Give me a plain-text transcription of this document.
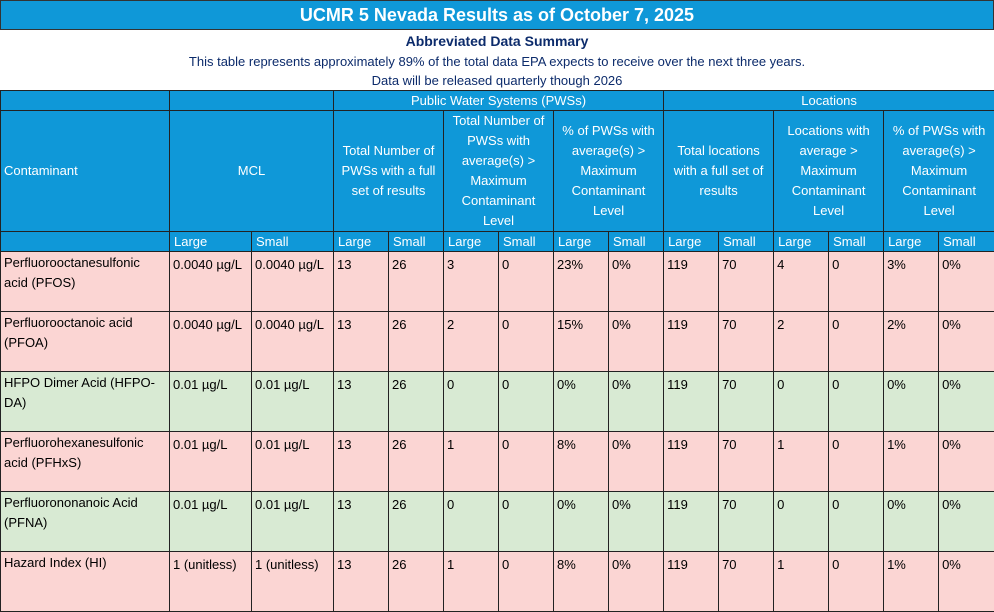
UCMR 5 Nevada Results as of October 7, 2025
Abbreviated Data Summary
This table represents approximately 89% of the total data EPA expects to receive over the next three years.
Data will be released quarterly though 2026
			Public Water Systems (PWSs)						Locations					
Contaminant	MCL		Total Number of PWSs with a full set of results		Total Number of PWSs with average(s) > Maximum Contaminant Level		% of PWSs with average(s) > Maximum Contaminant Level		Total locations with a full set of results		Locations with average > Maximum Contaminant Level		% of PWSs with average(s) > Maximum Contaminant Level	
	Large	Small	Large	Small	Large	Small	Large	Small	Large	Small	Large	Small	Large	Small
Perfluorooctanesulfonic acid (PFOS)	0.0040 µg/L	0.0040 µg/L	13	26	3	0	23%	0%	119	70	4	0	3%	0%
Perfluorooctanoic acid (PFOA)	0.0040 µg/L	0.0040 µg/L	13	26	2	0	15%	0%	119	70	2	0	2%	0%
HFPO Dimer Acid (HFPO-DA)	0.01 µg/L	0.01 µg/L	13	26	0	0	0%	0%	119	70	0	0	0%	0%
Perfluorohexanesulfonic acid (PFHxS)	0.01 µg/L	0.01 µg/L	13	26	1	0	8%	0%	119	70	1	0	1%	0%
Perfluorononanoic Acid (PFNA)	0.01 µg/L	0.01 µg/L	13	26	0	0	0%	0%	119	70	0	0	0%	0%
Hazard Index (HI)	1 (unitless)	1 (unitless)	13	26	1	0	8%	0%	119	70	1	0	1%	0%
